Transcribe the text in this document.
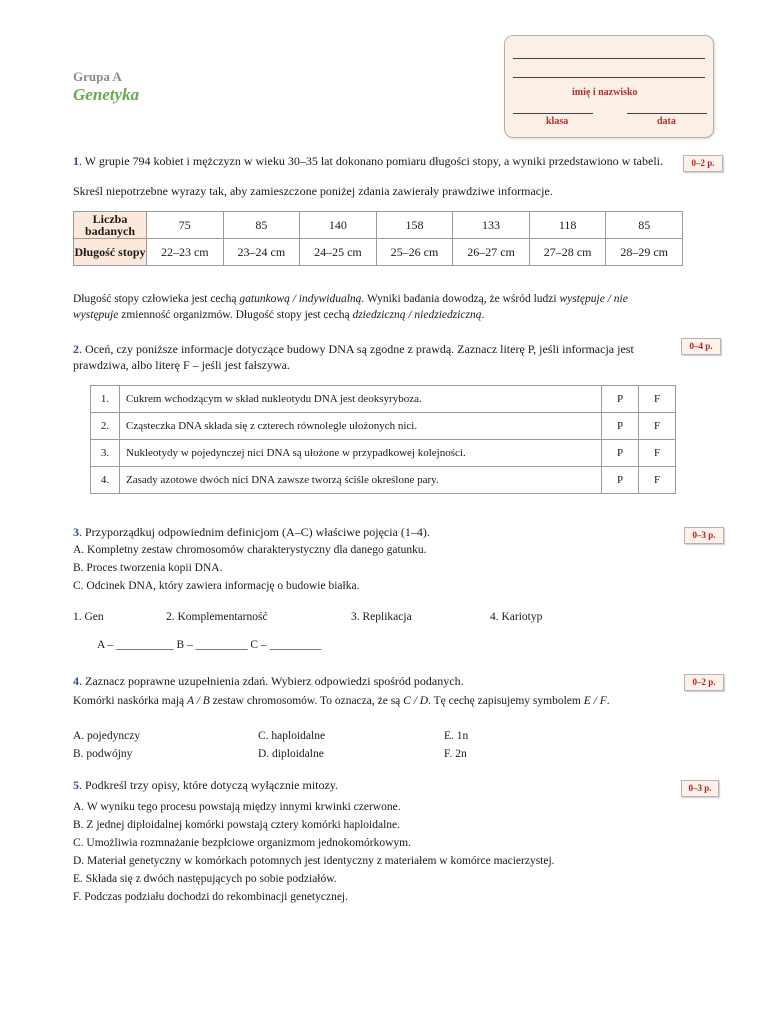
Grupa A
Genetyka	imię i nazwisko
klasa	data
1. W grupie 794 kobiet i mężczyzn w wieku 30–35 lat dokonano pomiaru długości stopy, a wyniki przedstawiono w tabeli.	0–2 p.
Skreśl niepotrzebne wyrazy tak, aby zamieszczone poniżej zdania zawierały prawdziwe informacje.
Liczba badanych	75	85	140	158	133	118	85
Długość stopy	22–23 cm	23–24 cm	24–25 cm	25–26 cm	26–27 cm	27–28 cm	28–29 cm
Długość stopy człowieka jest cechą gatunkową / indywidualną. Wyniki badania dowodzą, że wśród ludzi występuje / nie występuje zmienność organizmów. Długość stopy jest cechą dziedziczną / niedziedziczną.
2. Oceń, czy poniższe informacje dotyczące budowy DNA są zgodne z prawdą. Zaznacz literę P, jeśli informacja jest prawdziwa, albo literę F – jeśli jest fałszywa.
0–4 p.
1.	Cukrem wchodzącym w skład nukleotydu DNA jest deoksyryboza.	P	F
2.	Cząsteczka DNA składa się z czterech równolegle ułożonych nici.	P	F
3.	Nukleotydy w pojedynczej nici DNA są ułożone w przypadkowej kolejności.	P	F
4.	Zasady azotowe dwóch nici DNA zawsze tworzą ściśle określone pary.	P	F
3. Przyporządkuj odpowiednim definicjom (A–C) właściwe pojęcia (1–4).	0–3 p.
A. Kompletny zestaw chromosomów charakterystyczny dla danego gatunku.
B. Proces tworzenia kopii DNA.
C. Odcinek DNA, który zawiera informację o budowie białka.
1. Gen	2. Komplementarność	3. Replikacja	4. Kariotyp
A – __________ B – _________ C – _________
4. Zaznacz poprawne uzupełnienia zdań. Wybierz odpowiedzi spośród podanych.	0–2 p.
Komórki naskórka mają A / B zestaw chromosomów. To oznacza, że są C / D. Tę cechę zapisujemy symbolem E / F.
A. pojedynczy	C. haploidalne	E. 1n
B. podwójny	D. diploidalne	F. 2n
5. Podkreśl trzy opisy, które dotyczą wyłącznie mitozy.	0–3 p.
A. W wyniku tego procesu powstają między innymi krwinki czerwone.
B. Z jednej diploidalnej komórki powstają cztery komórki haploidalne.
C. Umożliwia rozmnażanie bezpłciowe organizmom jednokomórkowym.
D. Materiał genetyczny w komórkach potomnych jest identyczny z materiałem w komórce macierzystej.
E. Składa się z dwóch następujących po sobie podziałów.
F. Podczas podziału dochodzi do rekombinacji genetycznej.
